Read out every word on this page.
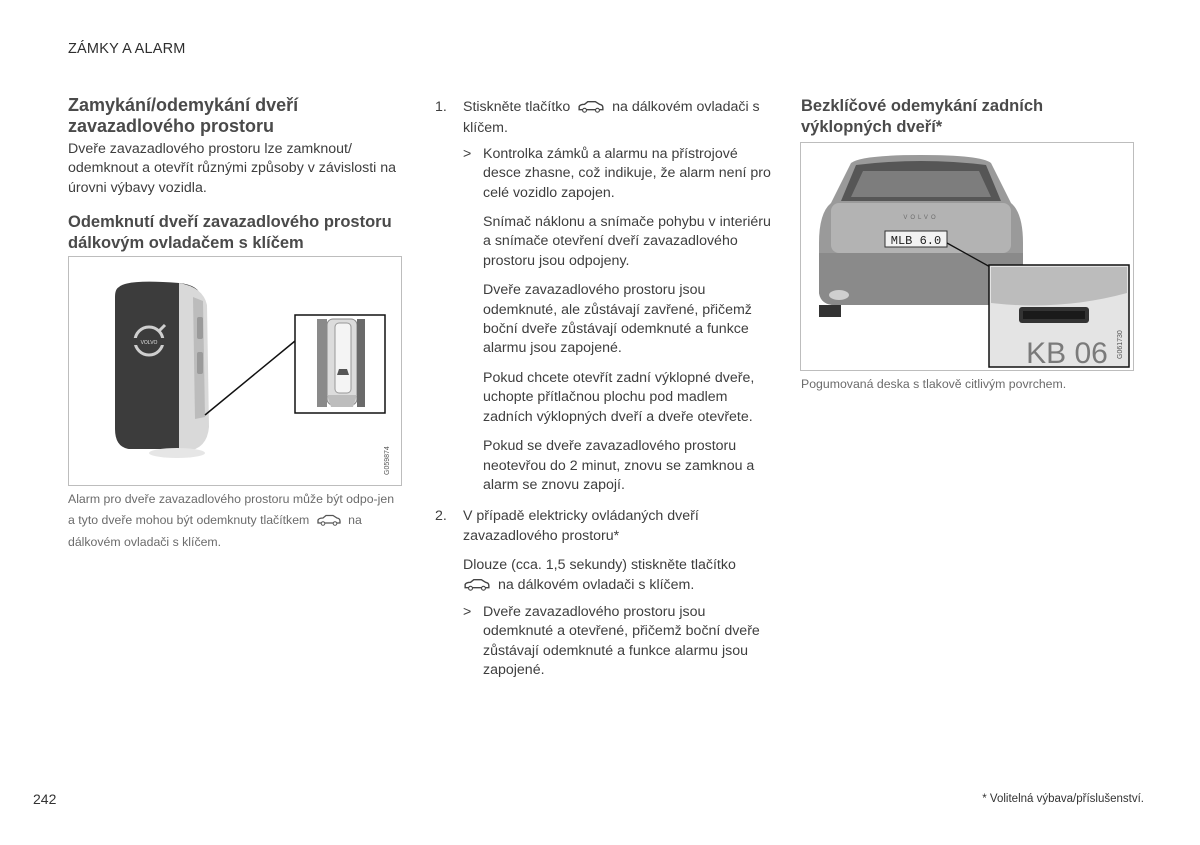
ZÁMKY A ALARM
Zamykání/odemykání dveří zavazadlového prostoru
Dveře zavazadlového prostoru lze zamknout/ odemknout a otevřít různými způsoby v závislosti na úrovni výbavy vozidla.
Odemknutí dveří zavazadlového prostoru dálkovým ovladačem s klíčem
VOLVO
G059874
Alarm pro dveře zavazadlového prostoru může být odpo-jen a tyto dveře mohou být odemknuty tlačítkem	na dálkovém ovladači s klíčem.
1. Stiskněte tlačítko	na dálkovém ovladači s klíčem.
> Kontrolka zámků a alarmu na přístrojové desce zhasne, což indikuje, že alarm není pro celé vozidlo zapojen.
Snímač náklonu a snímače pohybu v interiéru a snímače otevření dveří zavazadlového prostoru jsou odpojeny.
Dveře zavazadlového prostoru jsou odemknuté, ale zůstávají zavřené, přičemž boční dveře zůstávají odemknuté a funkce alarmu jsou zapojené.
Pokud chcete otevřít zadní výklopné dveře, uchopte přítlačnou plochu pod madlem zadních výklopných dveří a dveře otevřete.
Pokud se dveře zavazadlového prostoru neotevřou do 2 minut, znovu se zamknou a alarm se znovu zapojí.
2. V případě elektricky ovládaných dveří zavazadlového prostoru*
Dlouze (cca. 1,5 sekundy) stiskněte tlačítko
na dálkovém ovladači s klíčem.
> Dveře zavazadlového prostoru jsou odemknuté a otevřené, přičemž boční dveře zůstávají odemknuté a funkce alarmu jsou zapojené.
Bezklíčové odemykání zadních výklopných dveří*
MLB 6.0
VOLVO
KB 06 G061730
Pogumovaná deska s tlakově citlivým povrchem.
242	* Volitelná výbava/příslušenství.
